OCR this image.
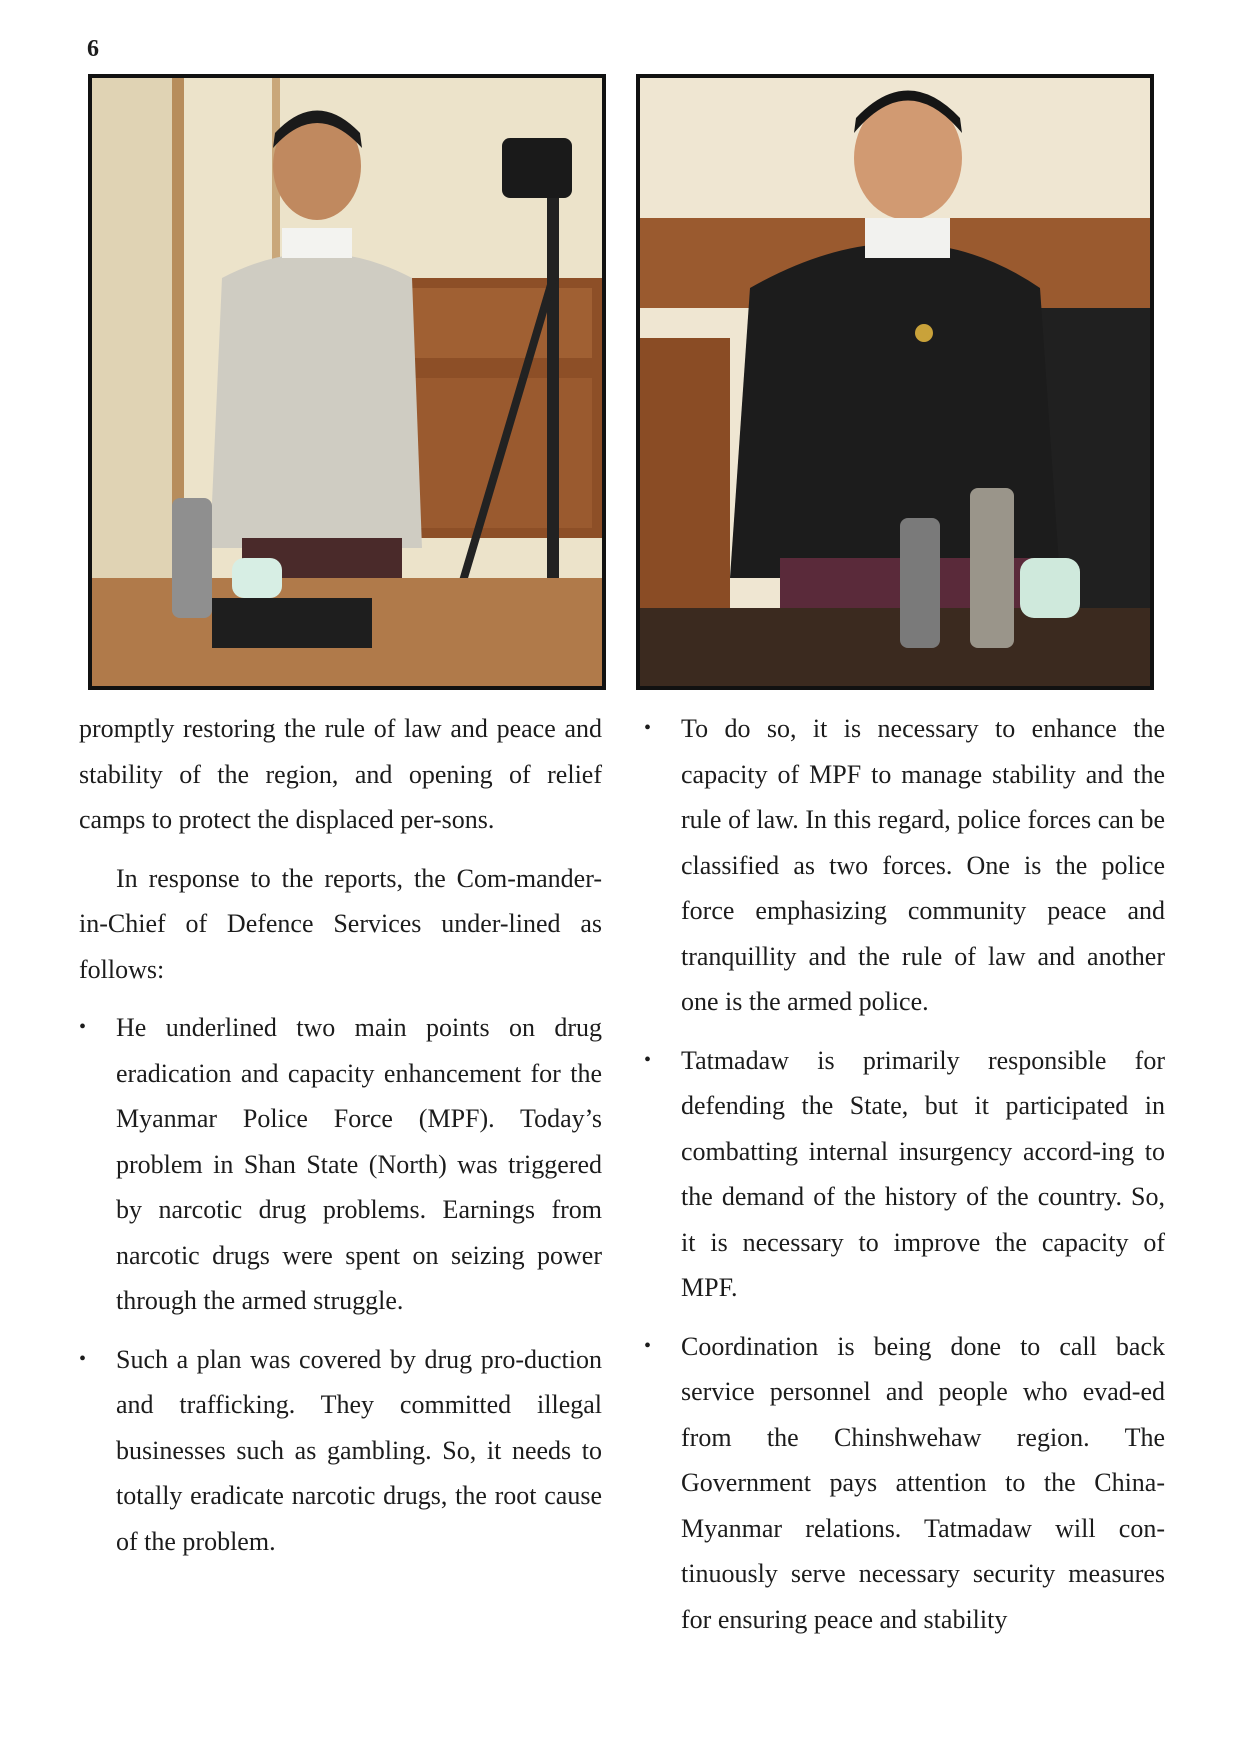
6

promptly restoring the rule of law and peace and stability of the region, and opening of relief camps to protect the displaced per-sons.

In response to the reports, the Com-mander-in-Chief of Defence Services under-lined as follows:

• He underlined two main points on drug eradication and capacity enhancement for the Myanmar Police Force (MPF). Today’s problem in Shan State (North) was triggered by narcotic drug problems. Earnings from narcotic drugs were spent on seizing power through the armed struggle.
• Such a plan was covered by drug pro-duction and trafficking. They committed illegal businesses such as gambling. So, it needs to totally eradicate narcotic drugs, the root cause of the problem.
• To do so, it is necessary to enhance the capacity of MPF to manage stability and the rule of law. In this regard, police forces can be classified as two forces. One is the police force emphasizing community peace and tranquillity and the rule of law and another one is the armed police.
• Tatmadaw is primarily responsible for defending the State, but it participated in combatting internal insurgency accord-ing to the demand of the history of the country. So, it is necessary to improve the capacity of MPF.
• Coordination is being done to call back service personnel and people who evad-ed from the Chinshwehaw region. The Government pays attention to the China-Myanmar relations. Tatmadaw will con-tinuously serve necessary security measures for ensuring peace and stability
